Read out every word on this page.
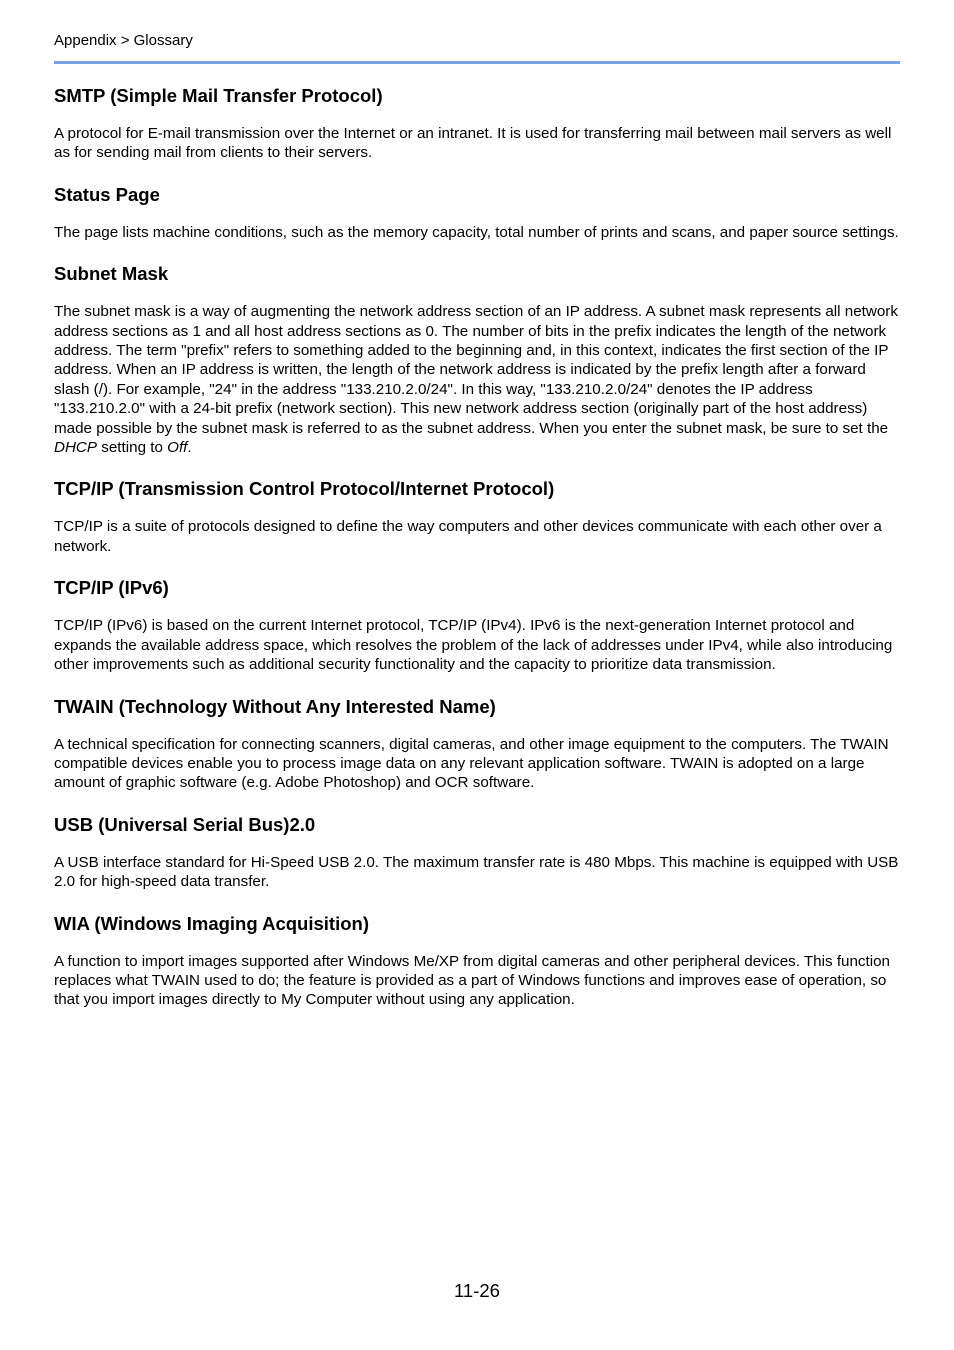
Appendix > Glossary
SMTP (Simple Mail Transfer Protocol)

A protocol for E-mail transmission over the Internet or an intranet. It is used for transferring mail between mail servers as well as for sending mail from clients to their servers.

Status Page

The page lists machine conditions, such as the memory capacity, total number of prints and scans, and paper source settings.

Subnet Mask

The subnet mask is a way of augmenting the network address section of an IP address. A subnet mask represents all network address sections as 1 and all host address sections as 0. The number of bits in the prefix indicates the length of the network address. The term "prefix" refers to something added to the beginning and, in this context, indicates the first section of the IP address. When an IP address is written, the length of the network address is indicated by the prefix length after a forward slash (/). For example, "24" in the address "133.210.2.0/24". In this way, "133.210.2.0/24" denotes the IP address "133.210.2.0" with a 24-bit prefix (network section). This new network address section (originally part of the host address) made possible by the subnet mask is referred to as the subnet address. When you enter the subnet mask, be sure to set the DHCP setting to Off.

TCP/IP (Transmission Control Protocol/Internet Protocol)

TCP/IP is a suite of protocols designed to define the way computers and other devices communicate with each other over a network.

TCP/IP (IPv6)

TCP/IP (IPv6) is based on the current Internet protocol, TCP/IP (IPv4). IPv6 is the next-generation Internet protocol and expands the available address space, which resolves the problem of the lack of addresses under IPv4, while also introducing other improvements such as additional security functionality and the capacity to prioritize data transmission.

TWAIN (Technology Without Any Interested Name)

A technical specification for connecting scanners, digital cameras, and other image equipment to the computers. The TWAIN compatible devices enable you to process image data on any relevant application software. TWAIN is adopted on a large amount of graphic software (e.g. Adobe Photoshop) and OCR software.

USB (Universal Serial Bus)2.0

A USB interface standard for Hi-Speed USB 2.0. The maximum transfer rate is 480 Mbps. This machine is equipped with USB 2.0 for high-speed data transfer.

WIA (Windows Imaging Acquisition)

A function to import images supported after Windows Me/XP from digital cameras and other peripheral devices. This function replaces what TWAIN used to do; the feature is provided as a part of Windows functions and improves ease of operation, so that you import images directly to My Computer without using any application.

11-26
